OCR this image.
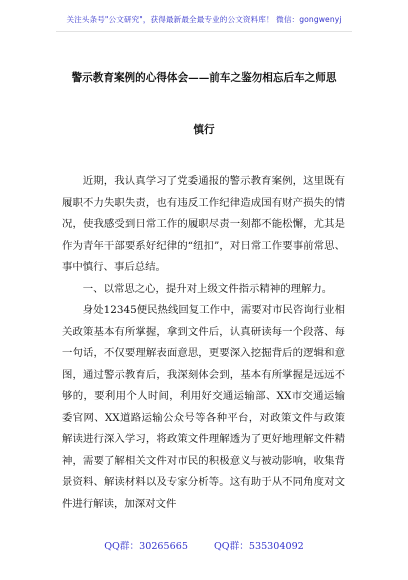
关注头条号"公文研究"，获得最新最全最专业的公文资料库！ 微信：gongwenyj
警示教育案例的心得体会——前车之鉴勿相忘后车之师思
慎行

近期，我认真学习了党委通报的警示教育案例，这里既有履职不力失职失责，也有违反工作纪律造成国有财产损失的情况，使我感受到日常工作的履职尽责一刻都不能松懈，尤其是作为青年干部要系好纪律的“纽扣”，对日常工作要事前常思、事中慎行、事后总结。

一、以常思之心，提升对上级文件指示精神的理解力。

身处12345便民热线回复工作中，需要对市民咨询行业相关政策基本有所掌握，拿到文件后，认真研读每一个段落、每一句话，不仅要理解表面意思，更要深入挖掘背后的逻辑和意图，通过警示教育后，我深刻体会到，基本有所掌握是远远不够的，要利用个人时间，利用好交通运输部、XX市交通运输委官网、XX道路运输公众号等各种平台，对政策文件与政策解读进行深入学习，将政策文件理解透为了更好地理解文件精神，需要了解相关文件对市民的积极意义与被动影响，收集背景资料、解读材料以及专家分析等。这有助于从不同角度对文件进行解读，加深对文件

QQ群：30265665	QQ群：535304092
